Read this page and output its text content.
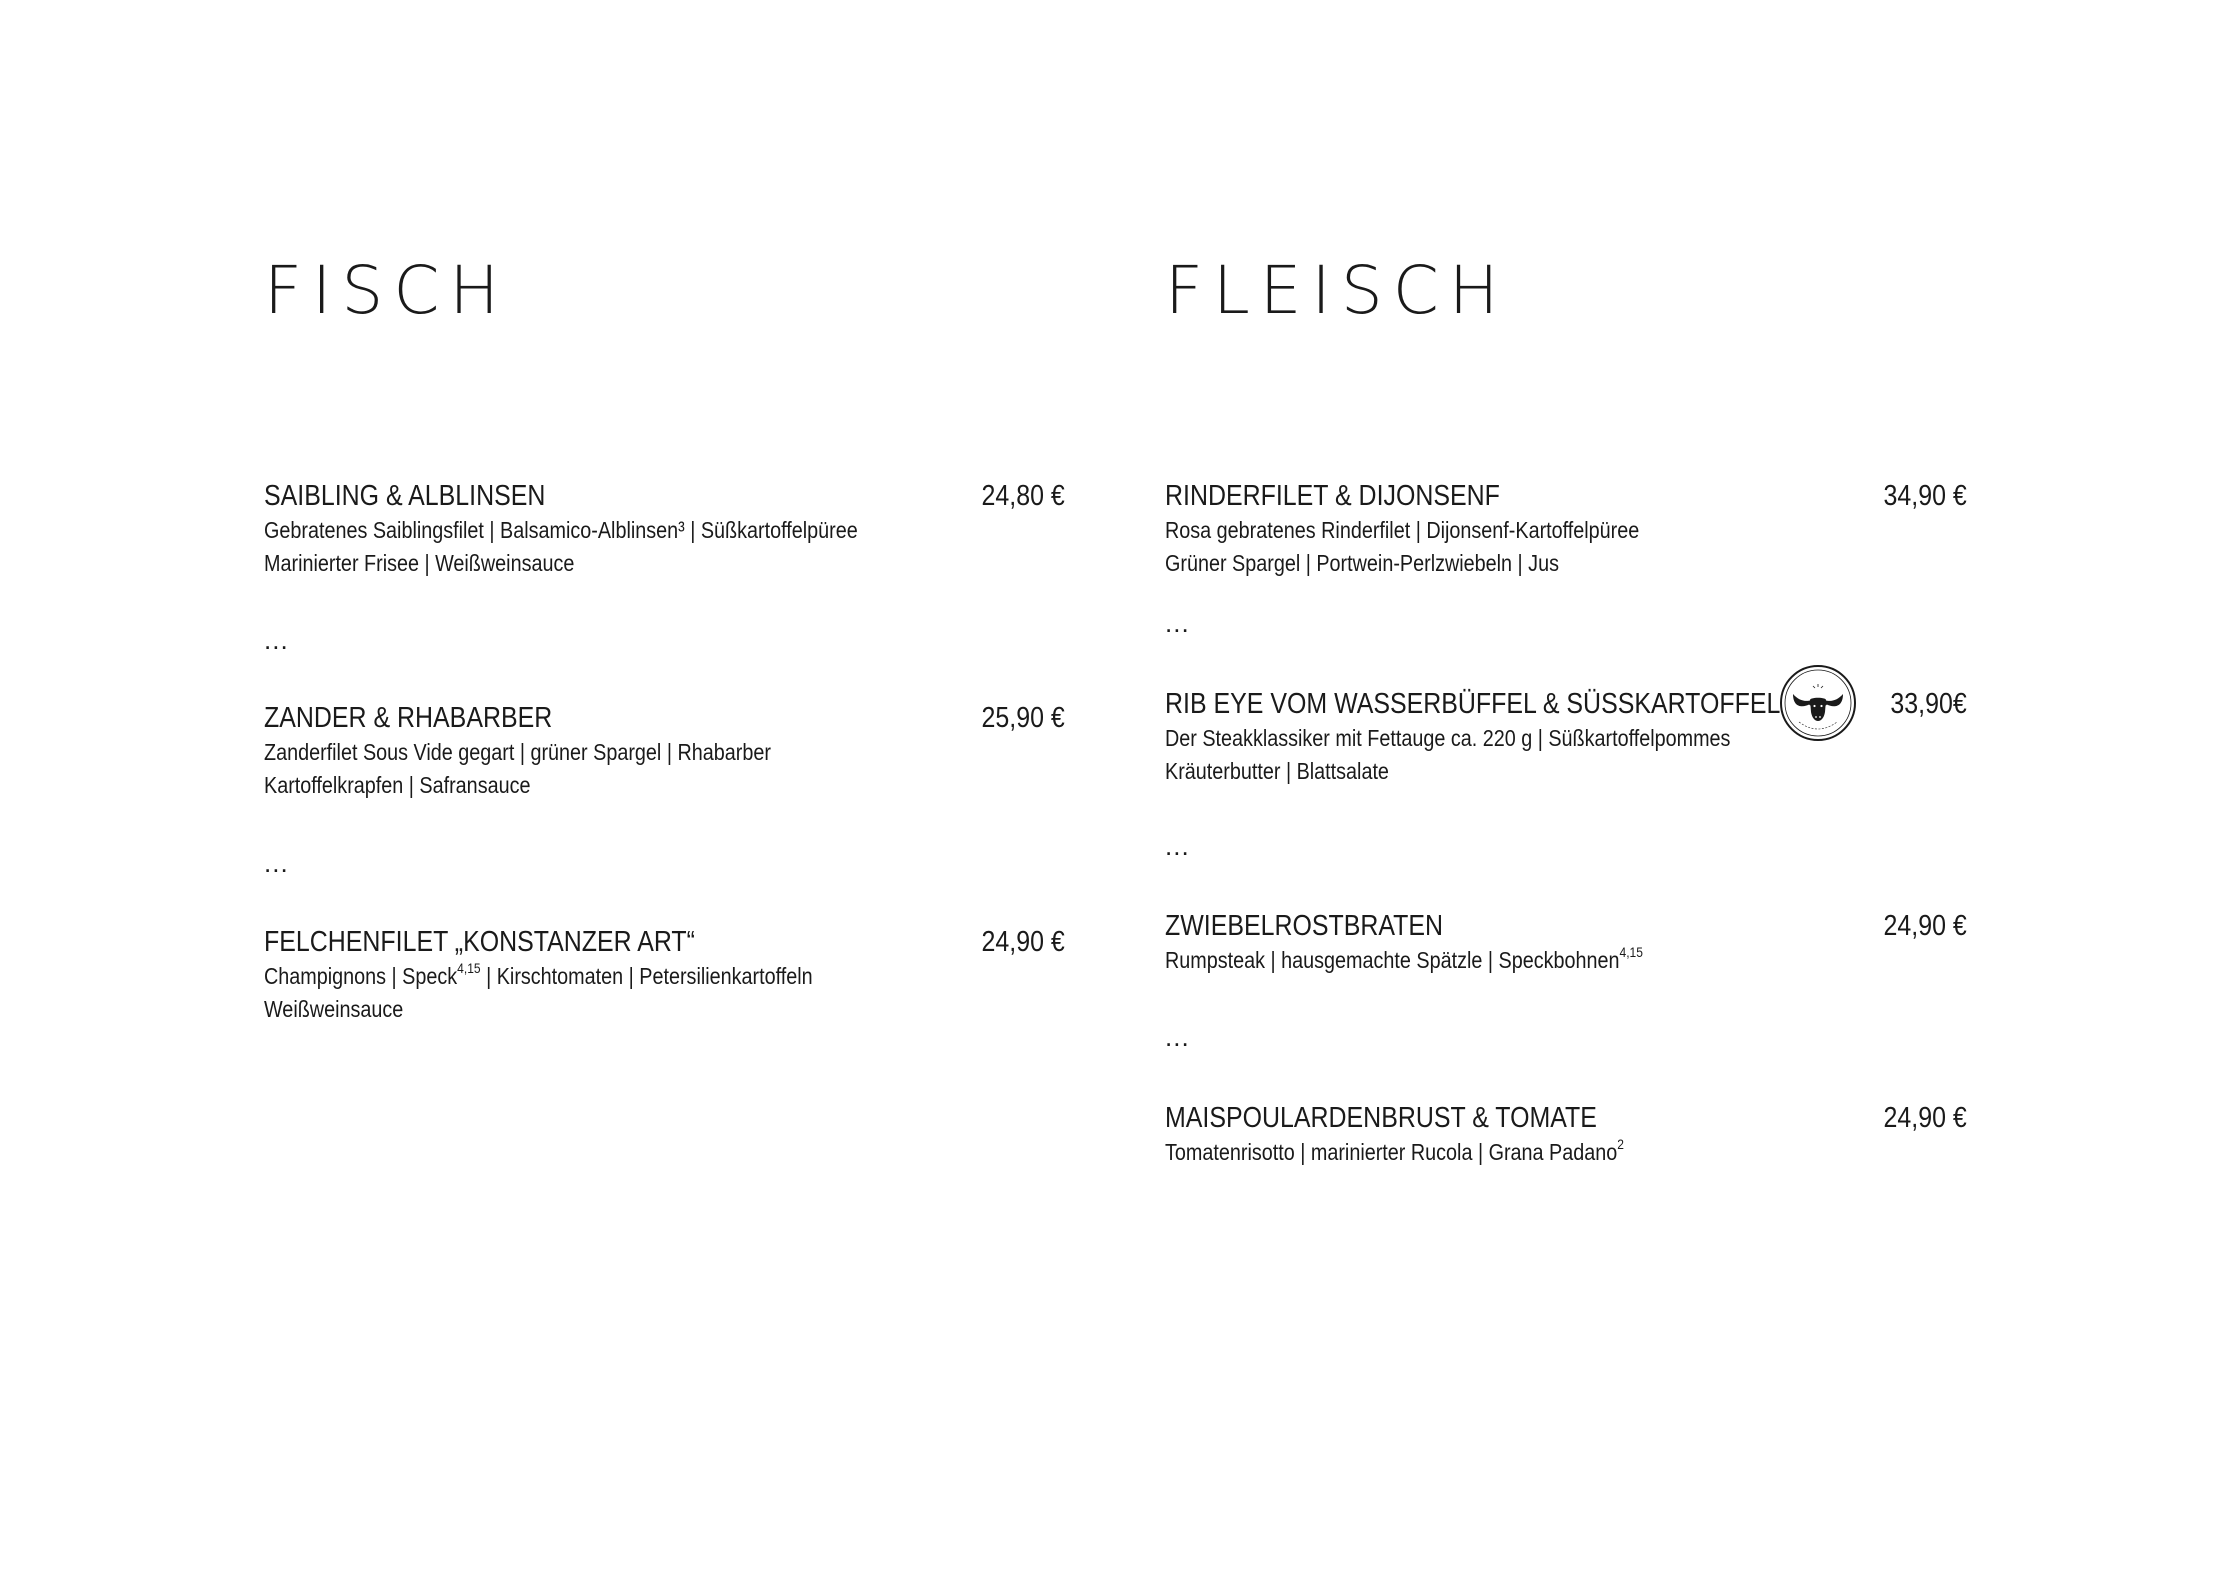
FISCH
SAIBLING & ALBLINSEN	24,80 €
Gebratenes Saiblingsfilet | Balsamico-Alblinsen³ | Süßkartoffelpüree
Marinierter Frisee | Weißweinsauce
...
ZANDER & RHABARBER	25,90 €
Zanderfilet Sous Vide gegart | grüner Spargel | Rhabarber
Kartoffelkrapfen | Safransauce
...
FELCHENFILET „KONSTANZER ART“	24,90 €
Champignons | Speck$^{4,15}$ | Kirschtomaten | Petersilienkartoffeln
Weißweinsauce
FLEISCH
RINDERFILET & DIJONSENF	34,90 €
Rosa gebratenes Rinderfilet | Dijonsenf-Kartoffelpüree
Grüner Spargel | Portwein-Perlzwiebeln | Jus
...
RIB EYE VOM WASSERBÜFFEL & SÜSSKARTOFFEL	33,90€
Der Steakklassiker mit Fettauge ca. 220 g | Süßkartoffelpommes
Kräuterbutter | Blattsalate
...
ZWIEBELROSTBRATEN	24,90 €
Rumpsteak | hausgemachte Spätzle | Speckbohnen$^{4,15}$
...
MAISPOULARDENBRUST & TOMATE	24,90 €
Tomatenrisotto | marinierter Rucola | Grana Padano$^2$
